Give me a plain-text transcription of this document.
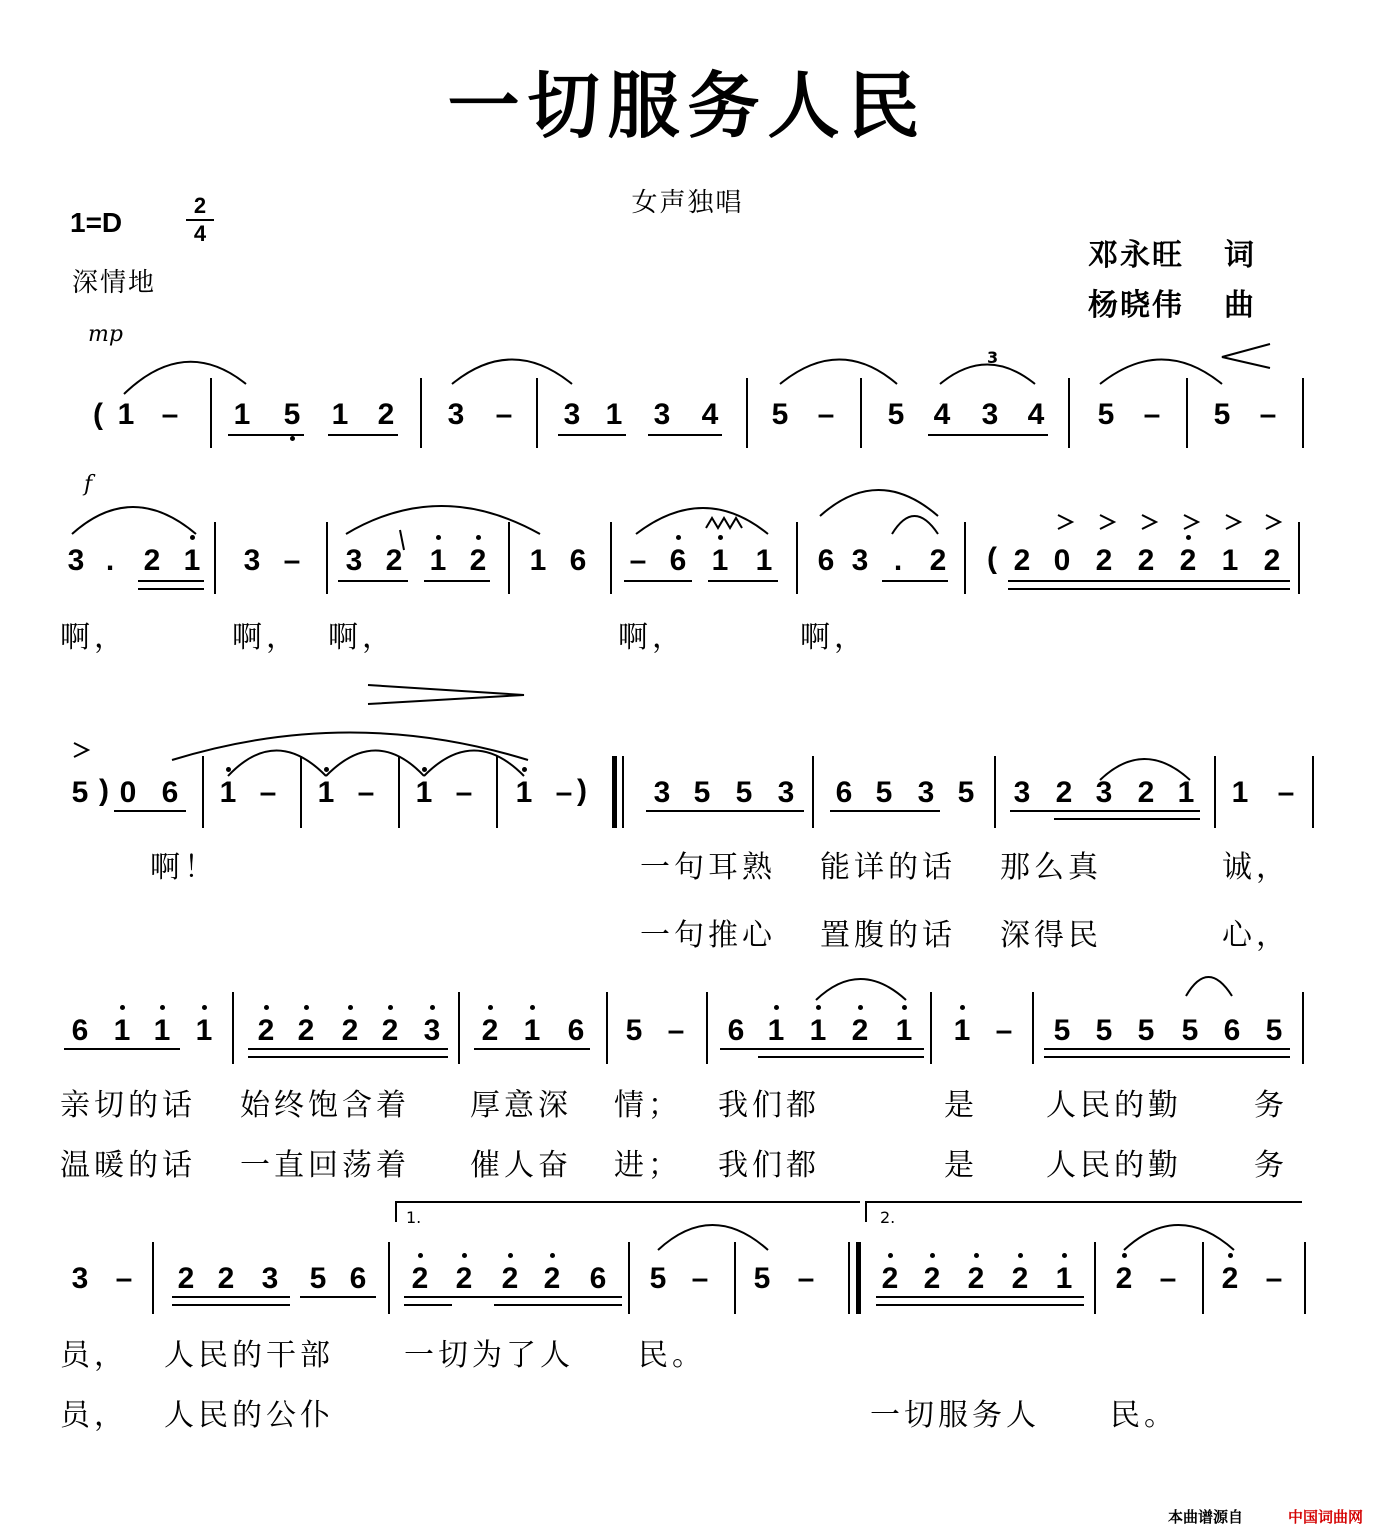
一切服务人民
女声独唱
1=D
2
4
深情地
邓永旺 词
杨晓伟 曲
mp
f
( 1 – 1 5 1 2 3 – 3 1 3 4 5 – 5 4 3 4 5 – 5 –
3 . 2 1 3 – 3 2 1 2 1 6 – 6 1 1 6 3 . 2 2 0 2 2 2 1 2
(
啊，	啊， 啊，	啊，	啊，
5 0 6 1 – 1 – 1 – 1 –	3 5 5 3 6 5 3 5 3 2 3 2 1 1 –
)	)
啊！	一句耳熟 能详的话 那么真	诚，
一句推心 置腹的话 深得民	心，
6 1 1 1 2 2 2 2 3 2 1 6 5 – 6 1 1 2 1 1 – 5 5 5 5 6 5
亲切的话 始终饱含着 厚意深 情； 我们都	是 人民的勤 务
温暖的话 一直回荡着 催人奋 进； 我们都	是 人民的勤 务
3 – 2 2 3 5 6 2 2 2 2 6 5 – 5 – 2 2 2 2 1 2 – 2 –
员， 人民的干部 一切为了人 民。
员， 人民的公仆	一切服务人 民。
本曲谱源自	中国词曲网
3
1.	2.
